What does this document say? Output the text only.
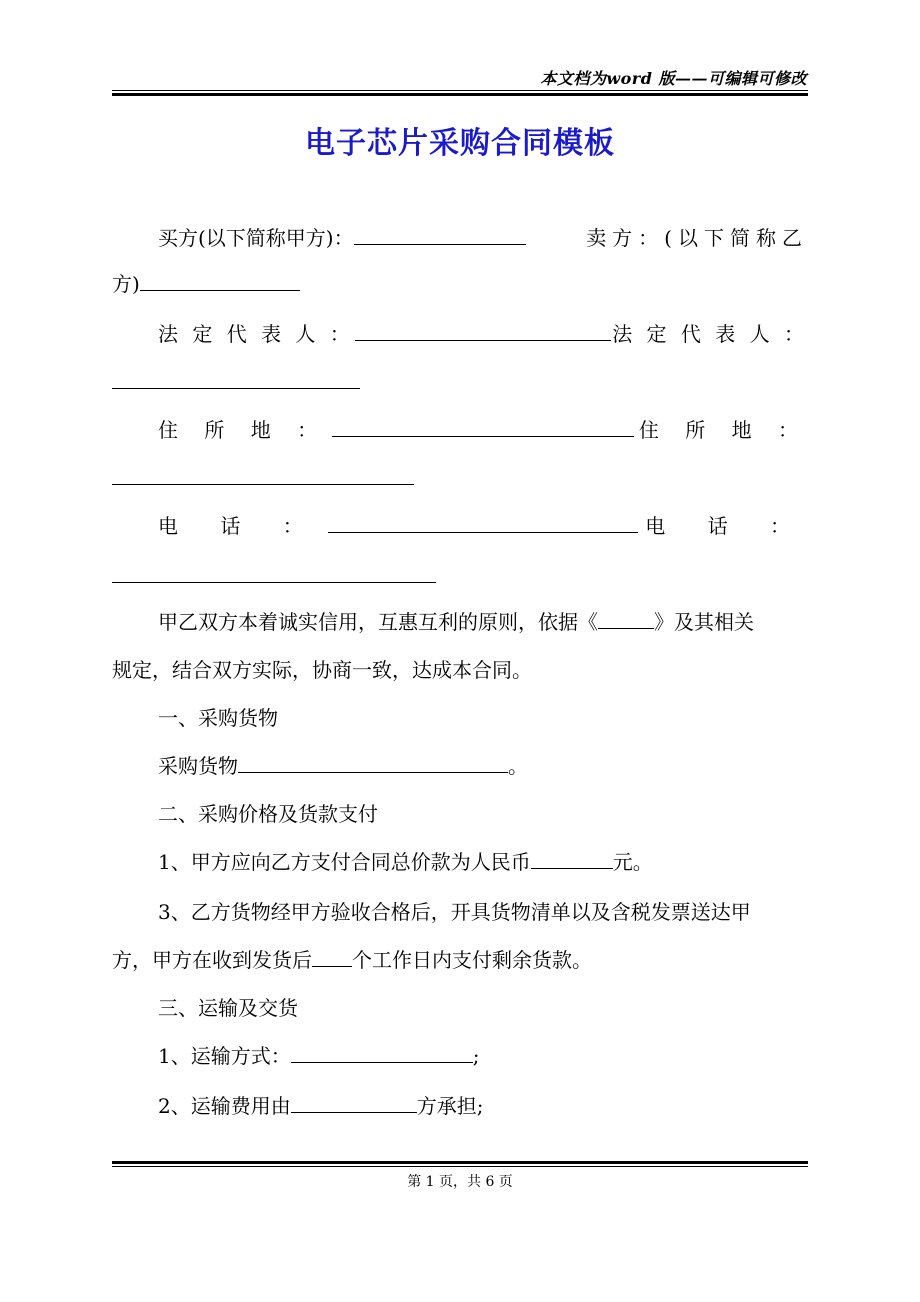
本文档为word 版——可编辑可修改
电子芯片采购合同模板
买方(以下简称甲方)：	卖方：(以下简称乙
方)
法 定 代 表 人 ：	法 定 代 表 人 ：
住 所 地 ：	住 所 地 ：
电 话 ：	电 话 ：
甲乙双方本着诚实信用，互惠互利的原则，依据《	》及其相关
规定，结合双方实际，协商一致，达成本合同。
一、采购货物
采购货物	。
二、采购价格及货款支付
1、甲方应向乙方支付合同总价款为人民币	元。
3、乙方货物经甲方验收合格后，开具货物清单以及含税发票送达甲
方，甲方在收到发货后 个工作日内支付剩余货款。
三、运输及交货
1、运输方式：	;
2、运输费用由	方承担;
第 1 页，共 6 页
